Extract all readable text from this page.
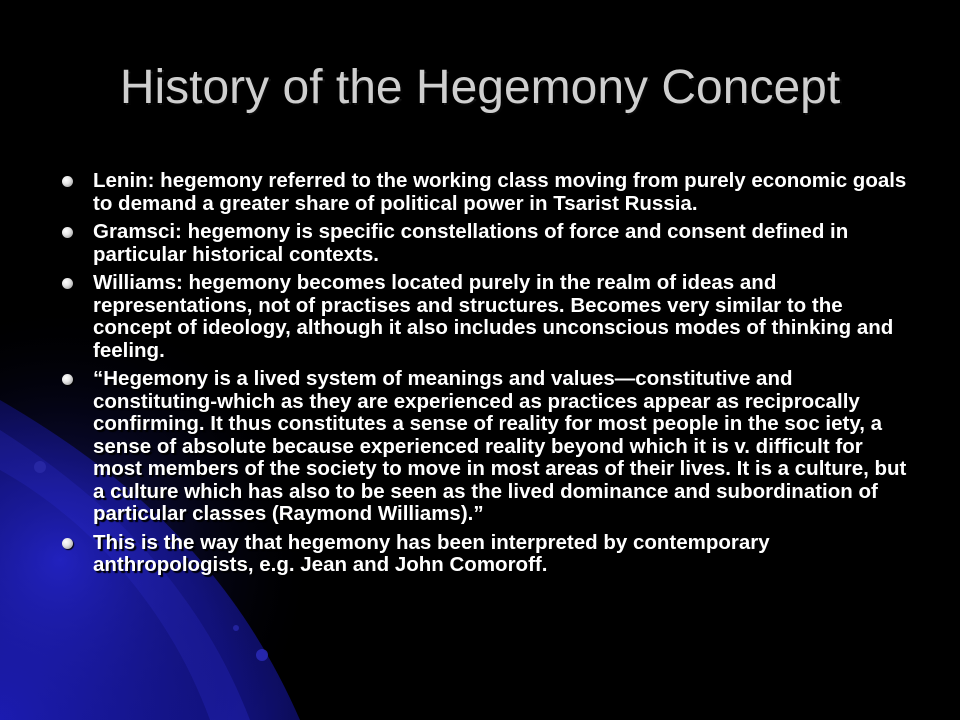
History of the Hegemony Concept
Lenin: hegemony referred to the working class moving from purely economic goals to demand a greater share of political power in Tsarist Russia.
Gramsci: hegemony is specific constellations of force and consent defined in particular historical contexts.
Williams: hegemony becomes located purely in the realm of ideas and representations, not of practises and structures. Becomes very similar to the concept of ideology, although it also includes unconscious modes of thinking and feeling.
“Hegemony is a lived system of meanings and values—constitutive and constituting-which as they are experienced as practices appear as reciprocally confirming. It thus constitutes a sense of reality for most people in the soc iety, a sense of absolute because experienced reality beyond which it is v. difficult for most members of the society to move in most areas of their lives. It is a culture, but a culture which has also to be seen as the lived dominance and subordination of particular classes (Raymond Williams).”
This is the way that hegemony has been interpreted by contemporary anthropologists, e.g. Jean and John Comoroff.
